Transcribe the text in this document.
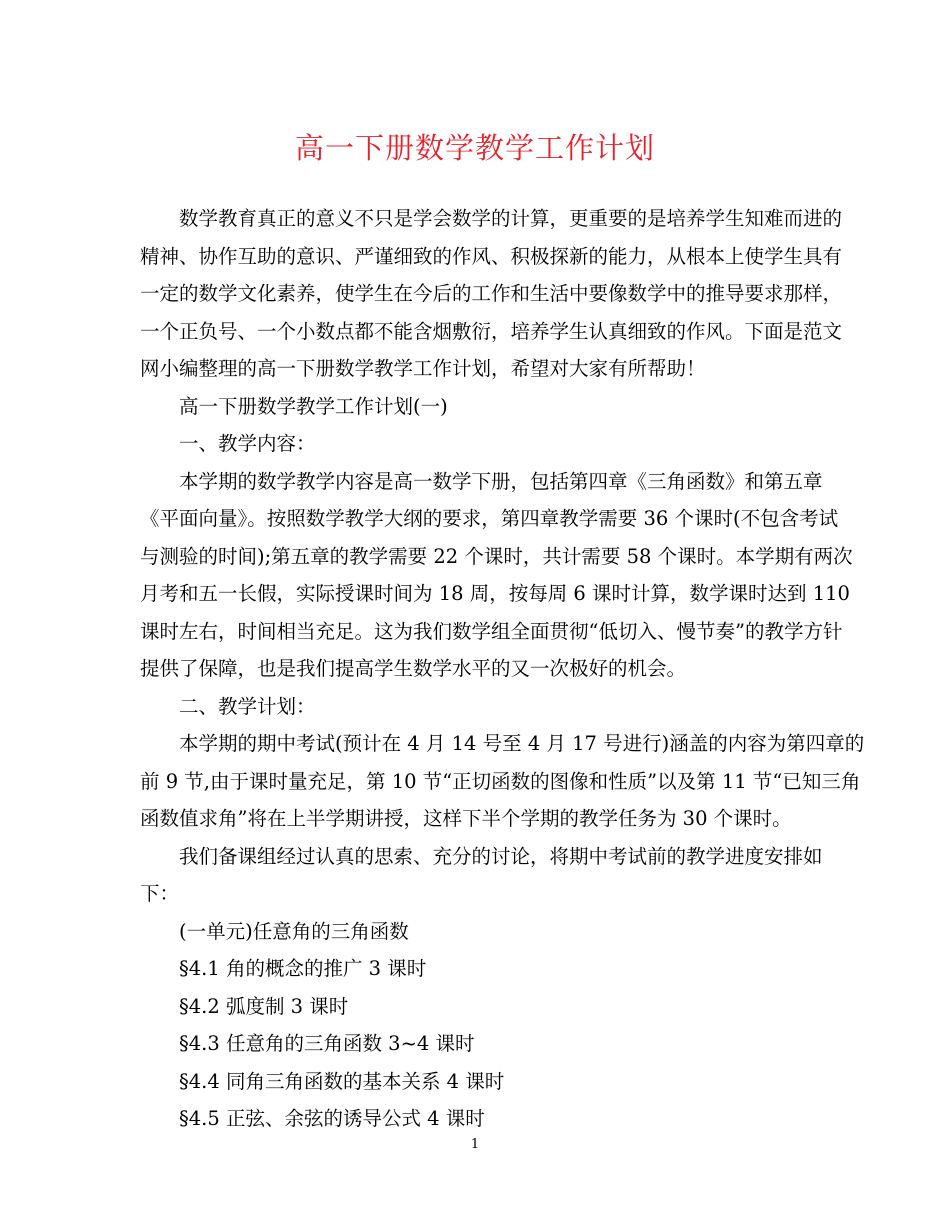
高一下册数学教学工作计划
数学教育真正的意义不只是学会数学的计算，更重要的是培养学生知难而进的
精神、协作互助的意识、严谨细致的作风、积极探新的能力，从根本上使学生具有
一定的数学文化素养，使学生在今后的工作和生活中要像数学中的推导要求那样，
一个正负号、一个小数点都不能含烟敷衍，培养学生认真细致的作风。下面是范文
网小编整理的高一下册数学教学工作计划，希望对大家有所帮助！
高一下册数学教学工作计划(一)
一、教学内容：
本学期的数学教学内容是高一数学下册，包括第四章《三角函数》和第五章
《平面向量》。按照数学教学大纲的要求，第四章教学需要 36 个课时(不包含考试
与测验的时间);第五章的教学需要 22 个课时，共计需要 58 个课时。本学期有两次
月考和五一长假，实际授课时间为 18 周，按每周 6 课时计算，数学课时达到 110
课时左右，时间相当充足。这为我们数学组全面贯彻“低切入、慢节奏”的教学方针
提供了保障，也是我们提高学生数学水平的又一次极好的机会。
二、教学计划：
本学期的期中考试(预计在 4 月 14 号至 4 月 17 号进行)涵盖的内容为第四章的
前 9 节,由于课时量充足，第 10 节“正切函数的图像和性质”以及第 11 节“已知三角
函数值求角”将在上半学期讲授，这样下半个学期的教学任务为 30 个课时。
我们备课组经过认真的思索、充分的讨论，将期中考试前的教学进度安排如
下：
(一单元)任意角的三角函数
§4.1 角的概念的推广 3 课时
§4.2 弧度制 3 课时
§4.3 任意角的三角函数 3~4 课时
§4.4 同角三角函数的基本关系 4 课时
§4.5 正弦、余弦的诱导公式 4 课时
1
